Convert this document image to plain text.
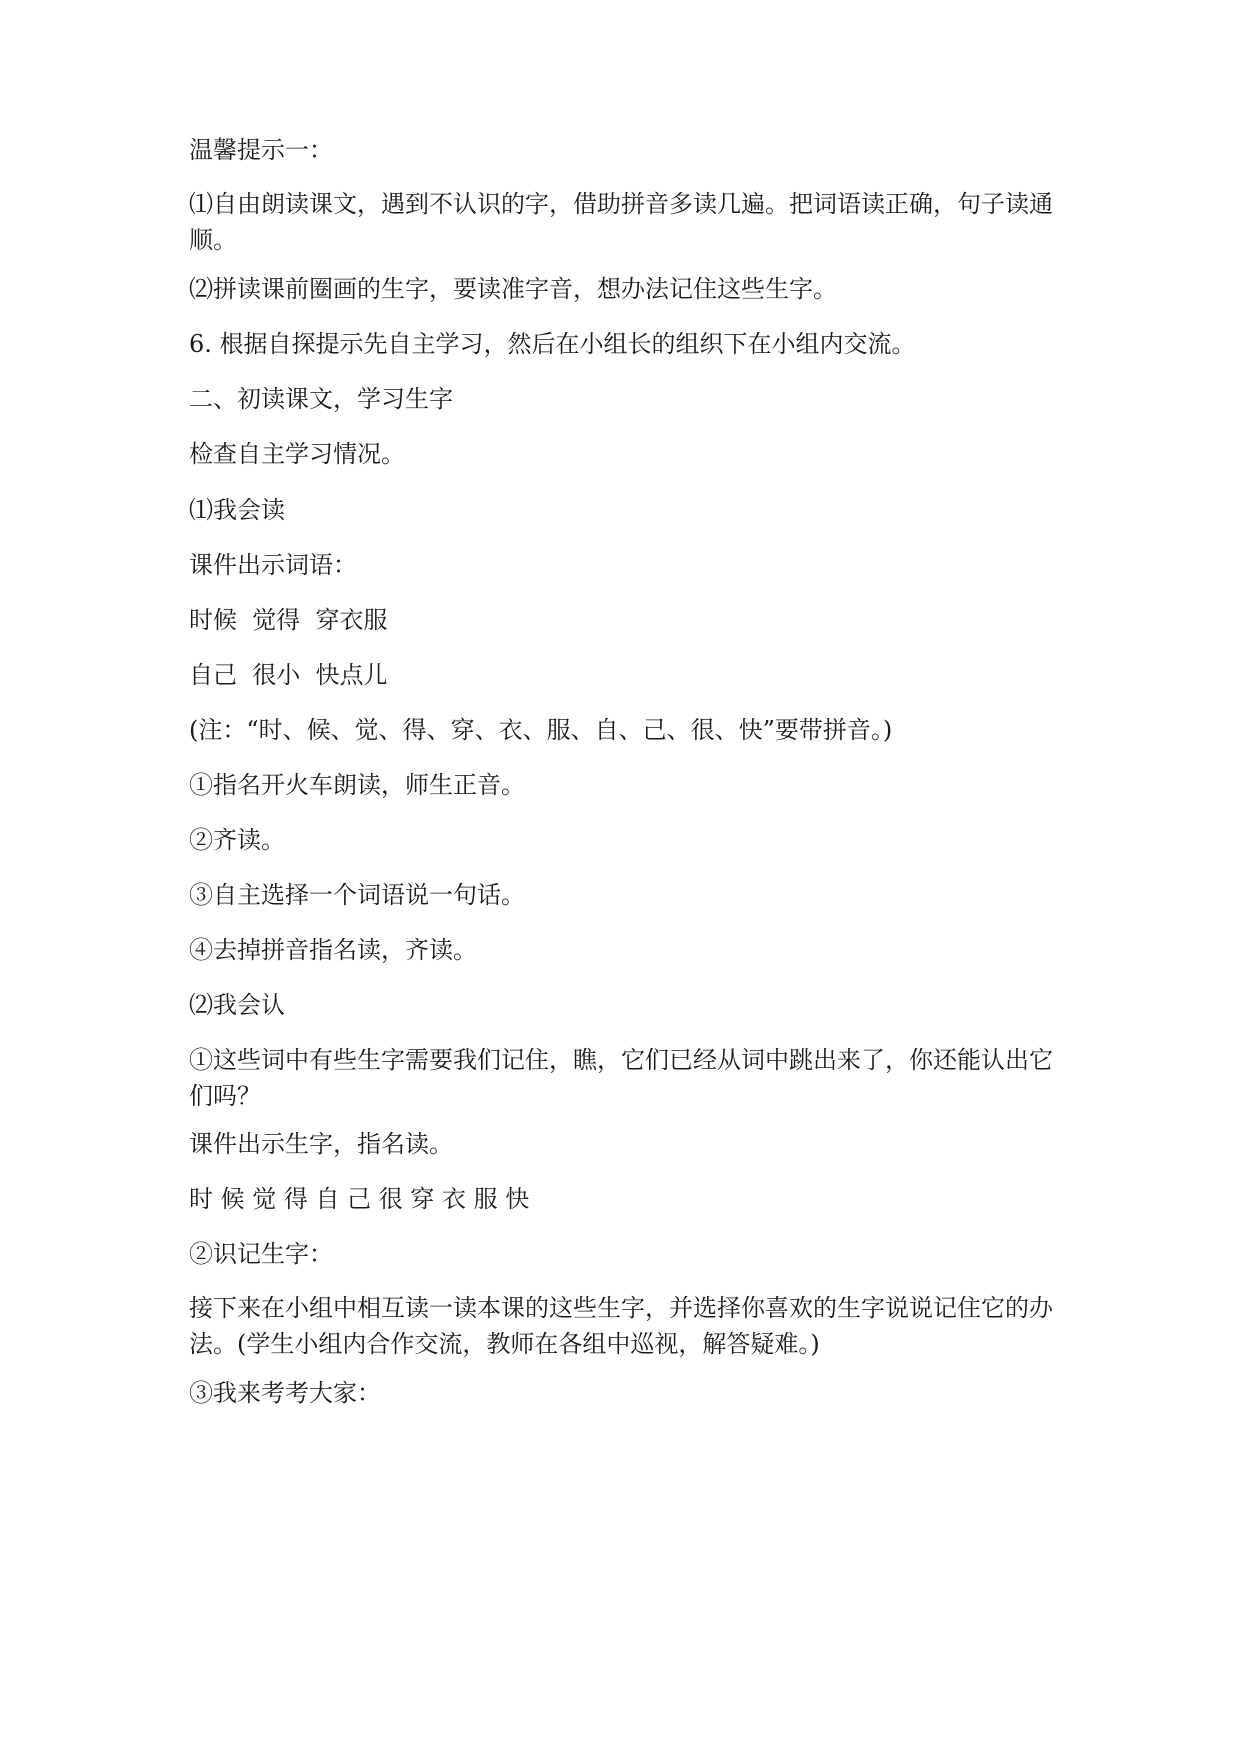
温馨提示一：
⑴自由朗读课文，遇到不认识的字，借助拼音多读几遍。把词语读正确，句子读通顺。
⑵拼读课前圈画的生字，要读准字音，想办法记住这些生字。
6. 根据自探提示先自主学习，然后在小组长的组织下在小组内交流。
二、初读课文，学习生字
检查自主学习情况。
⑴我会读
课件出示词语：
时候  觉得  穿衣服
自己  很小  快点儿
(注：“时、候、觉、得、穿、衣、服、自、己、很、快”要带拼音。)
①指名开火车朗读，师生正音。
②齐读。
③自主选择一个词语说一句话。
④去掉拼音指名读，齐读。
⑵我会认
①这些词中有些生字需要我们记住，瞧，它们已经从词中跳出来了，你还能认出它们吗？
课件出示生字，指名读。
时 候 觉 得 自 己 很 穿 衣 服 快
②识记生字：
接下来在小组中相互读一读本课的这些生字，并选择你喜欢的生字说说记住它的办法。(学生小组内合作交流，教师在各组中巡视，解答疑难。)
③我来考考大家：
